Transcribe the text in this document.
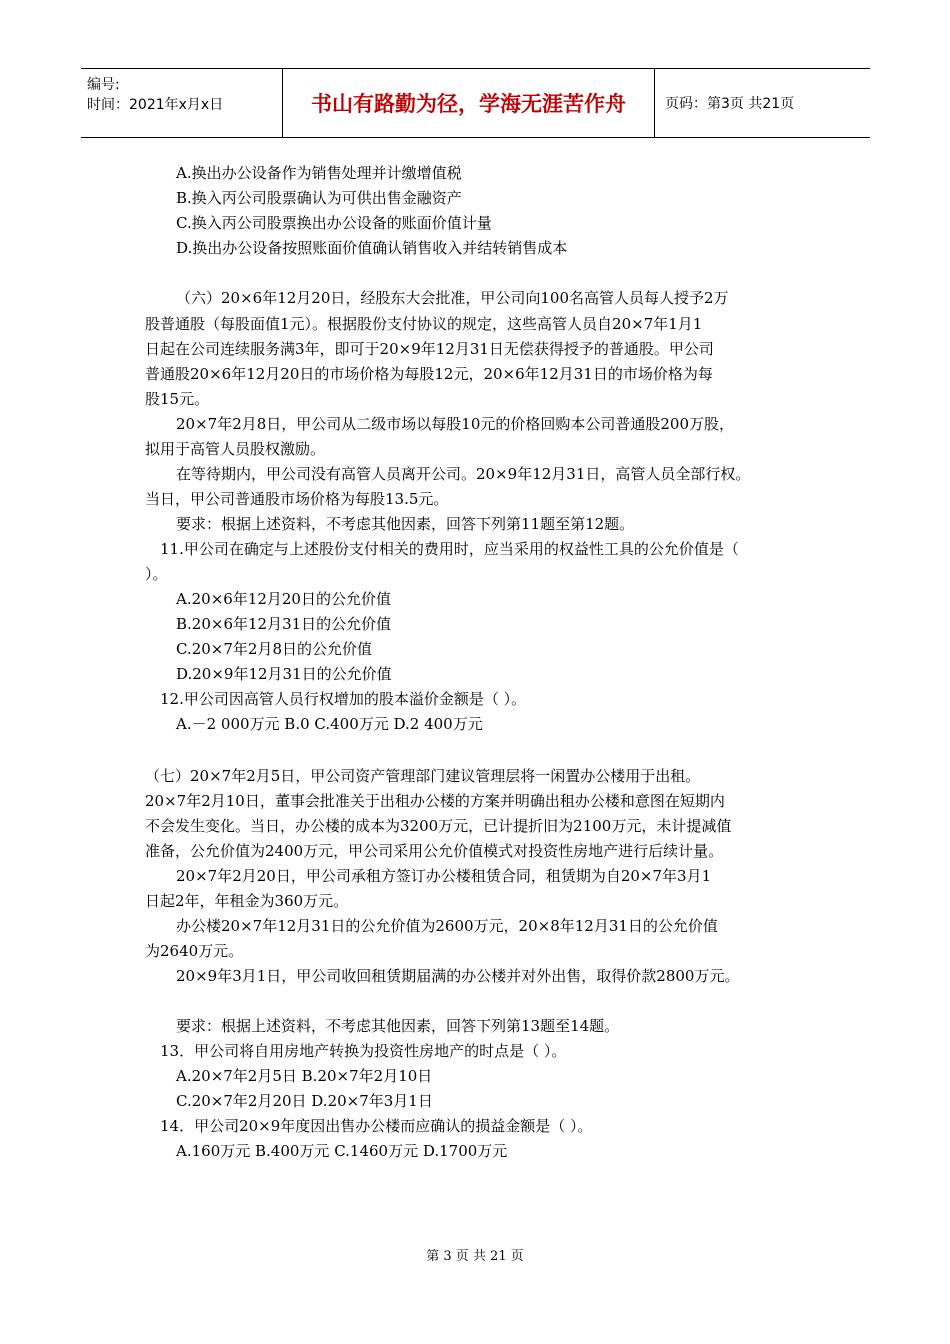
编号:
时间：2021年x月x日	书山有路勤为径，学海无涯苦作舟	页码：第3页 共21页
A.换出办公设备作为销售处理并计缴增值税
B.换入丙公司股票确认为可供出售金融资产
C.换入丙公司股票换出办公设备的账面价值计量
D.换出办公设备按照账面价值确认销售收入并结转销售成本
（六）20×6年12月20日，经股东大会批准，甲公司向100名高管人员每人授予2万
股普通股（每股面值1元）。根据股份支付协议的规定，这些高管人员自20×7年1月1
日起在公司连续服务满3年，即可于20×9年12月31日无偿获得授予的普通股。甲公司
普通股20×6年12月20日的市场价格为每股12元，20×6年12月31日的市场价格为每
股15元。
20×7年2月8日，甲公司从二级市场以每股10元的价格回购本公司普通股200万股，
拟用于高管人员股权激励。
在等待期内，甲公司没有高管人员离开公司。20×9年12月31日，高管人员全部行权。
当日，甲公司普通股市场价格为每股13.5元。
要求：根据上述资料，不考虑其他因素，回答下列第11题至第12题。
11.甲公司在确定与上述股份支付相关的费用时，应当采用的权益性工具的公允价值是（
）。
A.20×6年12月20日的公允价值
B.20×6年12月31日的公允价值
C.20×7年2月8日的公允价值
D.20×9年12月31日的公允价值
12.甲公司因高管人员行权增加的股本溢价金额是（ ）。
A.－2 000万元 B.0 C.400万元 D.2 400万元
（七）20×7年2月5日，甲公司资产管理部门建议管理层将一闲置办公楼用于出租。
20×7年2月10日，董事会批准关于出租办公楼的方案并明确出租办公楼和意图在短期内
不会发生变化。当日，办公楼的成本为3200万元，已计提折旧为2100万元，未计提减值
准备，公允价值为2400万元，甲公司采用公允价值模式对投资性房地产进行后续计量。
20×7年2月20日，甲公司承租方签订办公楼租赁合同，租赁期为自20×7年3月1
日起2年，年租金为360万元。
办公楼20×7年12月31日的公允价值为2600万元，20×8年12月31日的公允价值
为2640万元。
20×9年3月1日，甲公司收回租赁期届满的办公楼并对外出售，取得价款2800万元。
要求：根据上述资料，不考虑其他因素，回答下列第13题至14题。
13．甲公司将自用房地产转换为投资性房地产的时点是（ ）。
A.20×7年2月5日 B.20×7年2月10日
C.20×7年2月20日 D.20×7年3月1日
14．甲公司20×9年度因出售办公楼而应确认的损益金额是（ ）。
A.160万元 B.400万元 C.1460万元 D.1700万元
第 3 页 共 21 页
